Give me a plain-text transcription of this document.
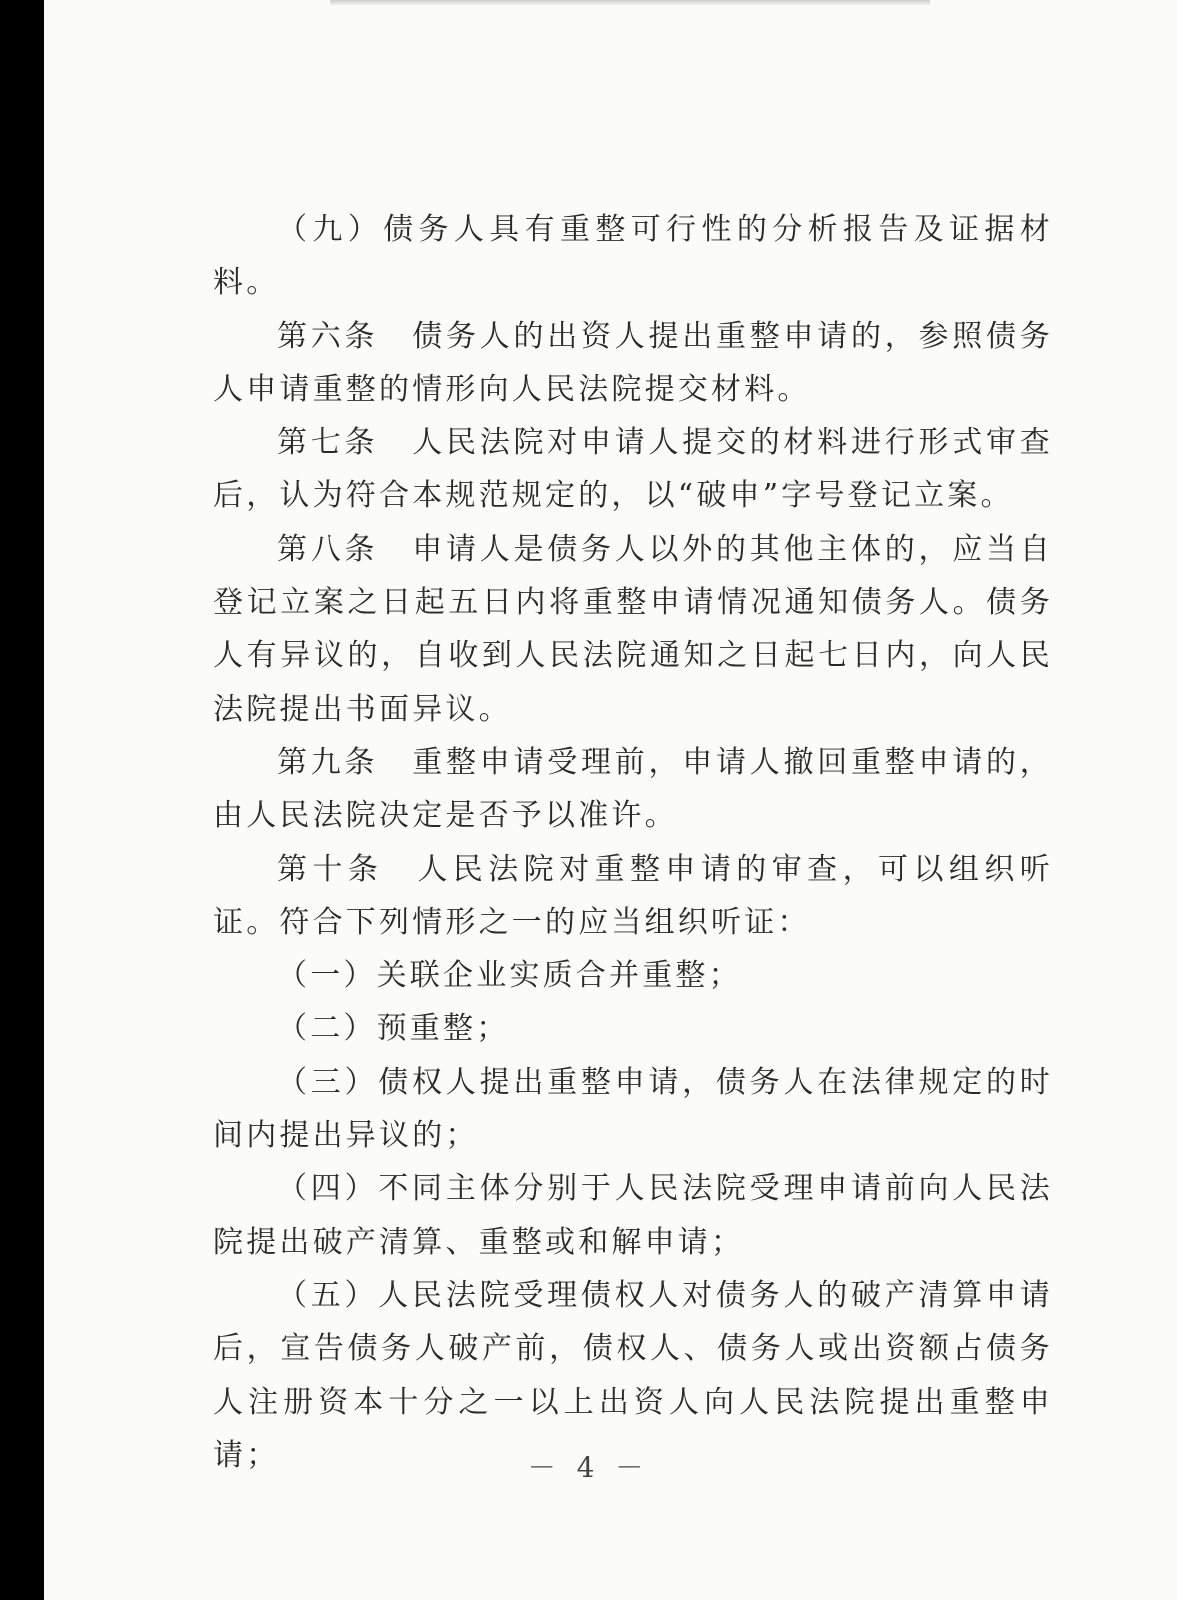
（九）债务人具有重整可行性的分析报告及证据材料。

第六条 债务人的出资人提出重整申请的，参照债务人申请重整的情形向人民法院提交材料。

第七条 人民法院对申请人提交的材料进行形式审查后，认为符合本规范规定的，以“破申”字号登记立案。

第八条 申请人是债务人以外的其他主体的，应当自登记立案之日起五日内将重整申请情况通知债务人。债务人有异议的，自收到人民法院通知之日起七日内，向人民法院提出书面异议。

第九条 重整申请受理前，申请人撤回重整申请的，由人民法院决定是否予以准许。

第十条 人民法院对重整申请的审查，可以组织听证。符合下列情形之一的应当组织听证：

（一）关联企业实质合并重整；

（二）预重整；

（三）债权人提出重整申请，债务人在法律规定的时间内提出异议的；

（四）不同主体分别于人民法院受理申请前向人民法院提出破产清算、重整或和解申请；

（五）人民法院受理债权人对债务人的破产清算申请后，宣告债务人破产前，债权人、债务人或出资额占债务人注册资本十分之一以上出资人向人民法院提出重整申请；	－ 4 －
